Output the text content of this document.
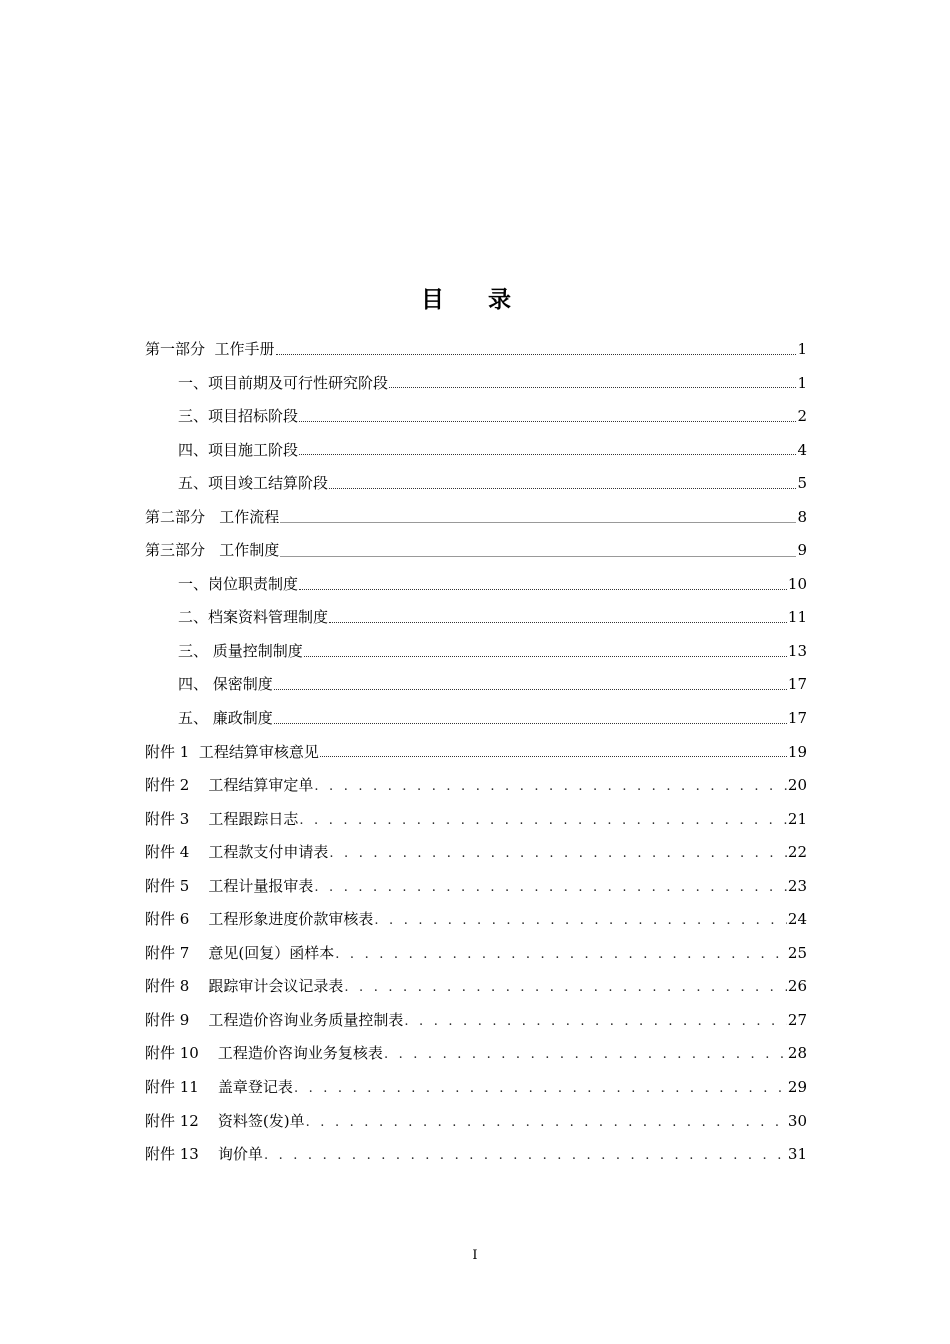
目 录
第一部分  工作手册	1
一、项目前期及可行性研究阶段	1
三、项目招标阶段	2
四、项目施工阶段	4
五、项目竣工结算阶段	5
第二部分   工作流程	8
第三部分   工作制度	9
一、岗位职责制度	10
二、档案资料管理制度	11
三、 质量控制制度	13
四、 保密制度	17
五、 廉政制度	17
附件 1  工程结算审核意见	19
附件 2    工程结算审定单 . . .	20
附件 3    工程跟踪日志 . . .	21
附件 4    工程款支付申请表 . . .	22
附件 5    工程计量报审表 . . .	23
附件 6    工程形象进度价款审核表 . . .	24
附件 7    意见(回复）函样本 . . .	25
附件 8    跟踪审计会议记录表 . . .	26
附件 9    工程造价咨询业务质量控制表 . . .	27
附件 10    工程造价咨询业务复核表 . . .	28
附件 11    盖章登记表 . . .	29
附件 12    资料签(发)单 . . .	30
附件 13    询价单 . . .	31
I
